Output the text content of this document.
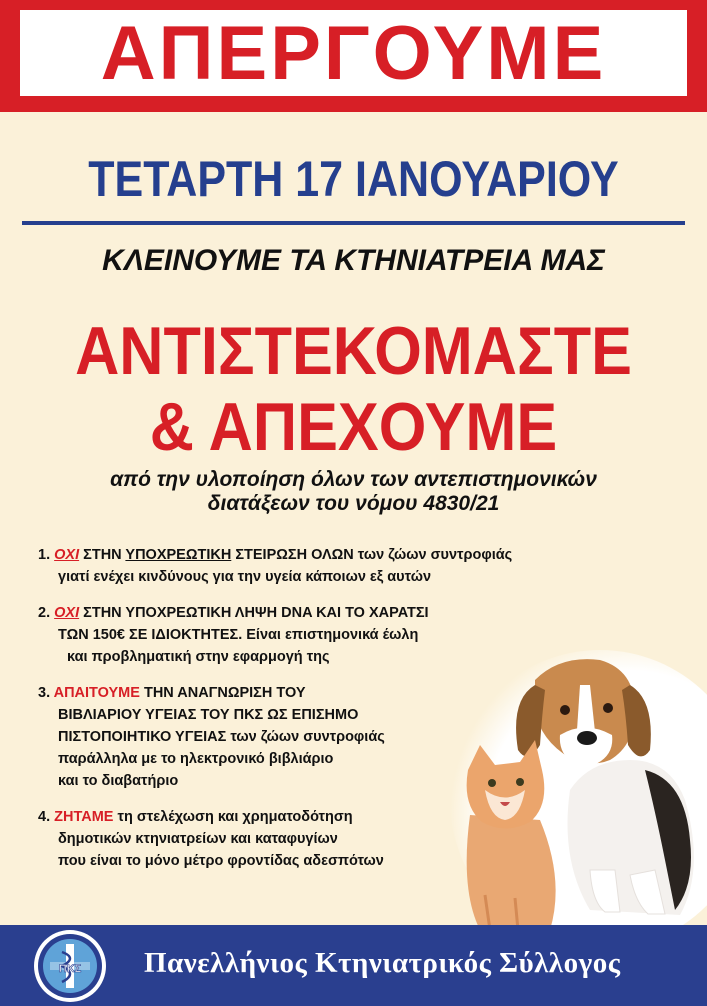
ΑΠΕΡΓΟΥΜΕ
ΤΕΤΑΡΤΗ 17 ΙΑΝΟΥΑΡΙΟΥ
ΚΛΕΙΝΟΥΜΕ ΤΑ ΚΤΗΝΙΑΤΡΕΙΑ ΜΑΣ
ΑΝΤΙΣΤΕΚΟΜΑΣΤΕ
& ΑΠΕΧΟΥΜΕ
από την υλοποίηση όλων των αντεπιστημονικών
διατάξεων του νόμου 4830/21
1. ΟΧΙ ΣΤΗΝ ΥΠΟΧΡΕΩΤΙΚΗ ΣΤΕΙΡΩΣΗ ΟΛΩΝ των ζώων συντροφιάς
γιατί ενέχει κινδύνους για την υγεία κάποιων εξ αυτών
2. ΟΧΙ ΣΤΗΝ ΥΠΟΧΡΕΩΤΙΚΗ ΛΗΨΗ DNA ΚΑΙ ΤΟ ΧΑΡΑΤΣΙ
ΤΩΝ 150€ ΣΕ ΙΔΙΟΚΤΗΤΕΣ. Είναι επιστημονικά έωλη
και προβληματική στην εφαρμογή της
3. ΑΠΑΙΤΟΥΜΕ ΤΗΝ ΑΝΑΓΝΩΡΙΣΗ ΤΟΥ
ΒΙΒΛΙΑΡΙΟΥ ΥΓΕΙΑΣ ΤΟΥ ΠΚΣ ΩΣ ΕΠΙΣΗΜΟ
ΠΙΣΤΟΠΟΙΗΤΙΚΟ ΥΓΕΙΑΣ των ζώων συντροφιάς
παράλληλα με το ηλεκτρονικό βιβλιάριο
και το διαβατήριο
4. ΖΗΤΑΜΕ τη στελέχωση και χρηματοδότηση
δημοτικών κτηνιατρείων και καταφυγίων
που είναι το μόνο μέτρο φροντίδας αδεσπότων
ΠΚΣ Πανελλήνιος Κτηνιατρικός Σύλλογος
